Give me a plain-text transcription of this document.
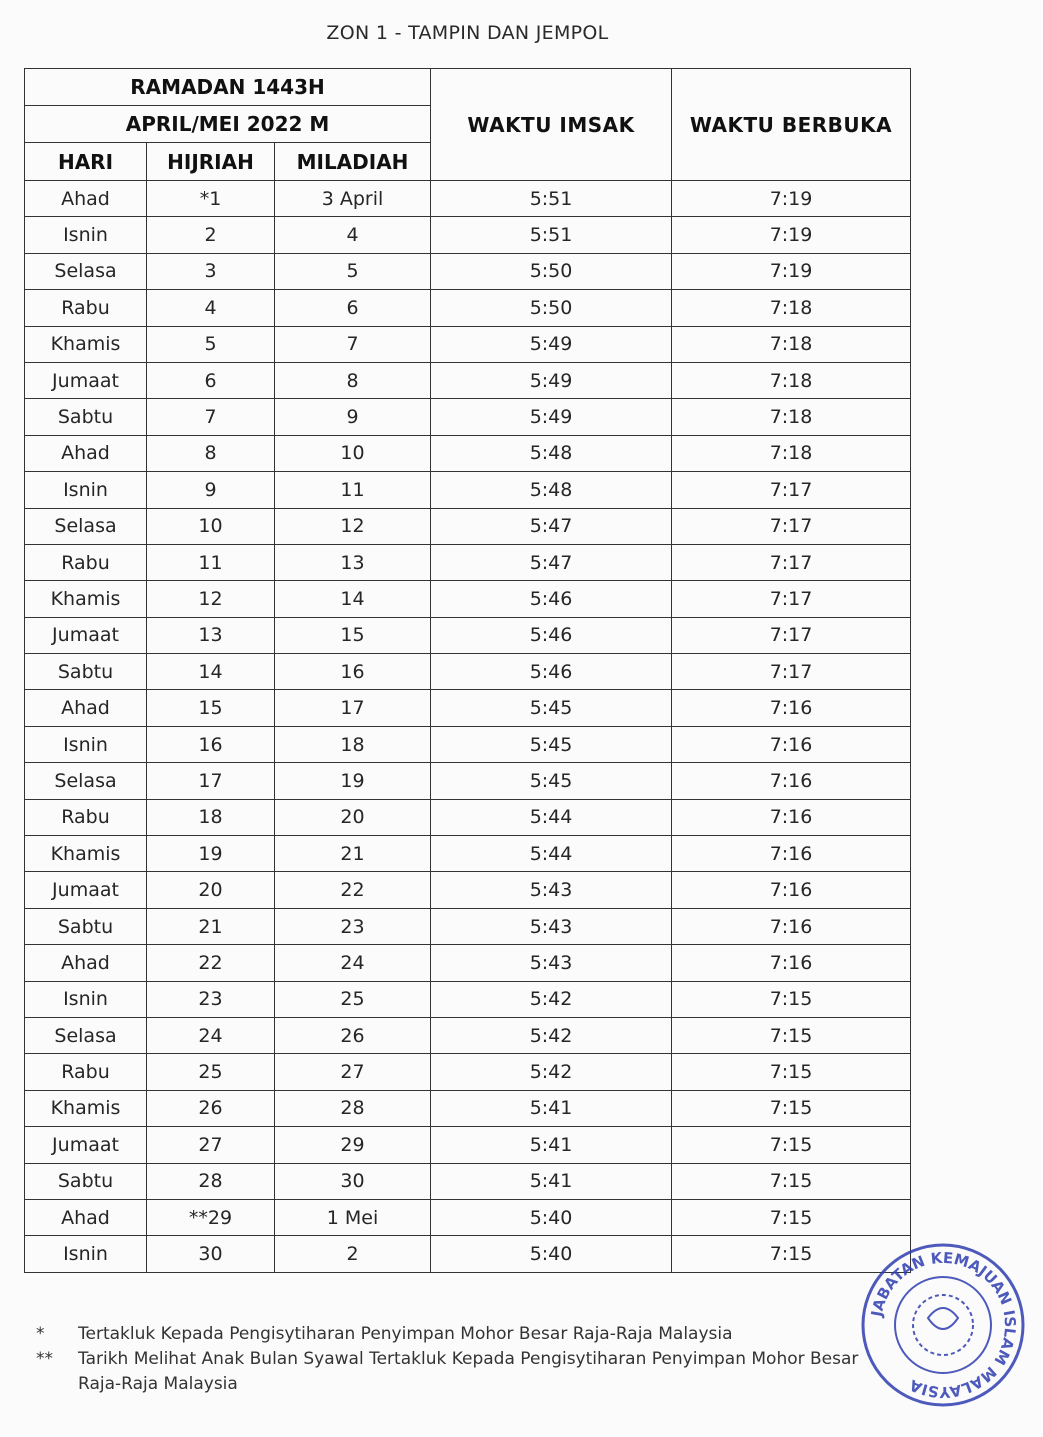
ZON 1 - TAMPIN DAN JEMPOL
RAMADAN 1443H			WAKTU IMSAK	WAKTU BERBUKA
APRIL/MEI 2022 M				
HARI	HIJRIAH	MILADIAH		
Ahad	*1	3 April	5:51	7:19
Isnin	2	4	5:51	7:19
Selasa	3	5	5:50	7:19
Rabu	4	6	5:50	7:18
Khamis	5	7	5:49	7:18
Jumaat	6	8	5:49	7:18
Sabtu	7	9	5:49	7:18
Ahad	8	10	5:48	7:18
Isnin	9	11	5:48	7:17
Selasa	10	12	5:47	7:17
Rabu	11	13	5:47	7:17
Khamis	12	14	5:46	7:17
Jumaat	13	15	5:46	7:17
Sabtu	14	16	5:46	7:17
Ahad	15	17	5:45	7:16
Isnin	16	18	5:45	7:16
Selasa	17	19	5:45	7:16
Rabu	18	20	5:44	7:16
Khamis	19	21	5:44	7:16
Jumaat	20	22	5:43	7:16
Sabtu	21	23	5:43	7:16
Ahad	22	24	5:43	7:16
Isnin	23	25	5:42	7:15
Selasa	24	26	5:42	7:15
Rabu	25	27	5:42	7:15
Khamis	26	28	5:41	7:15
Jumaat	27	29	5:41	7:15
Sabtu	28	30	5:41	7:15
Ahad	**29	1 Mei	5:40	7:15
Isnin	30	2	5:40	7:15
*	Tertakluk Kepada Pengisytiharan Penyimpan Mohor Besar Raja-Raja Malaysia
**	Tarikh Melihat Anak Bulan Syawal Tertakluk Kepada Pengisytiharan Penyimpan Mohor Besar Raja-Raja Malaysia
JABATAN KEMAJUAN ISLAM MALAYSIA
